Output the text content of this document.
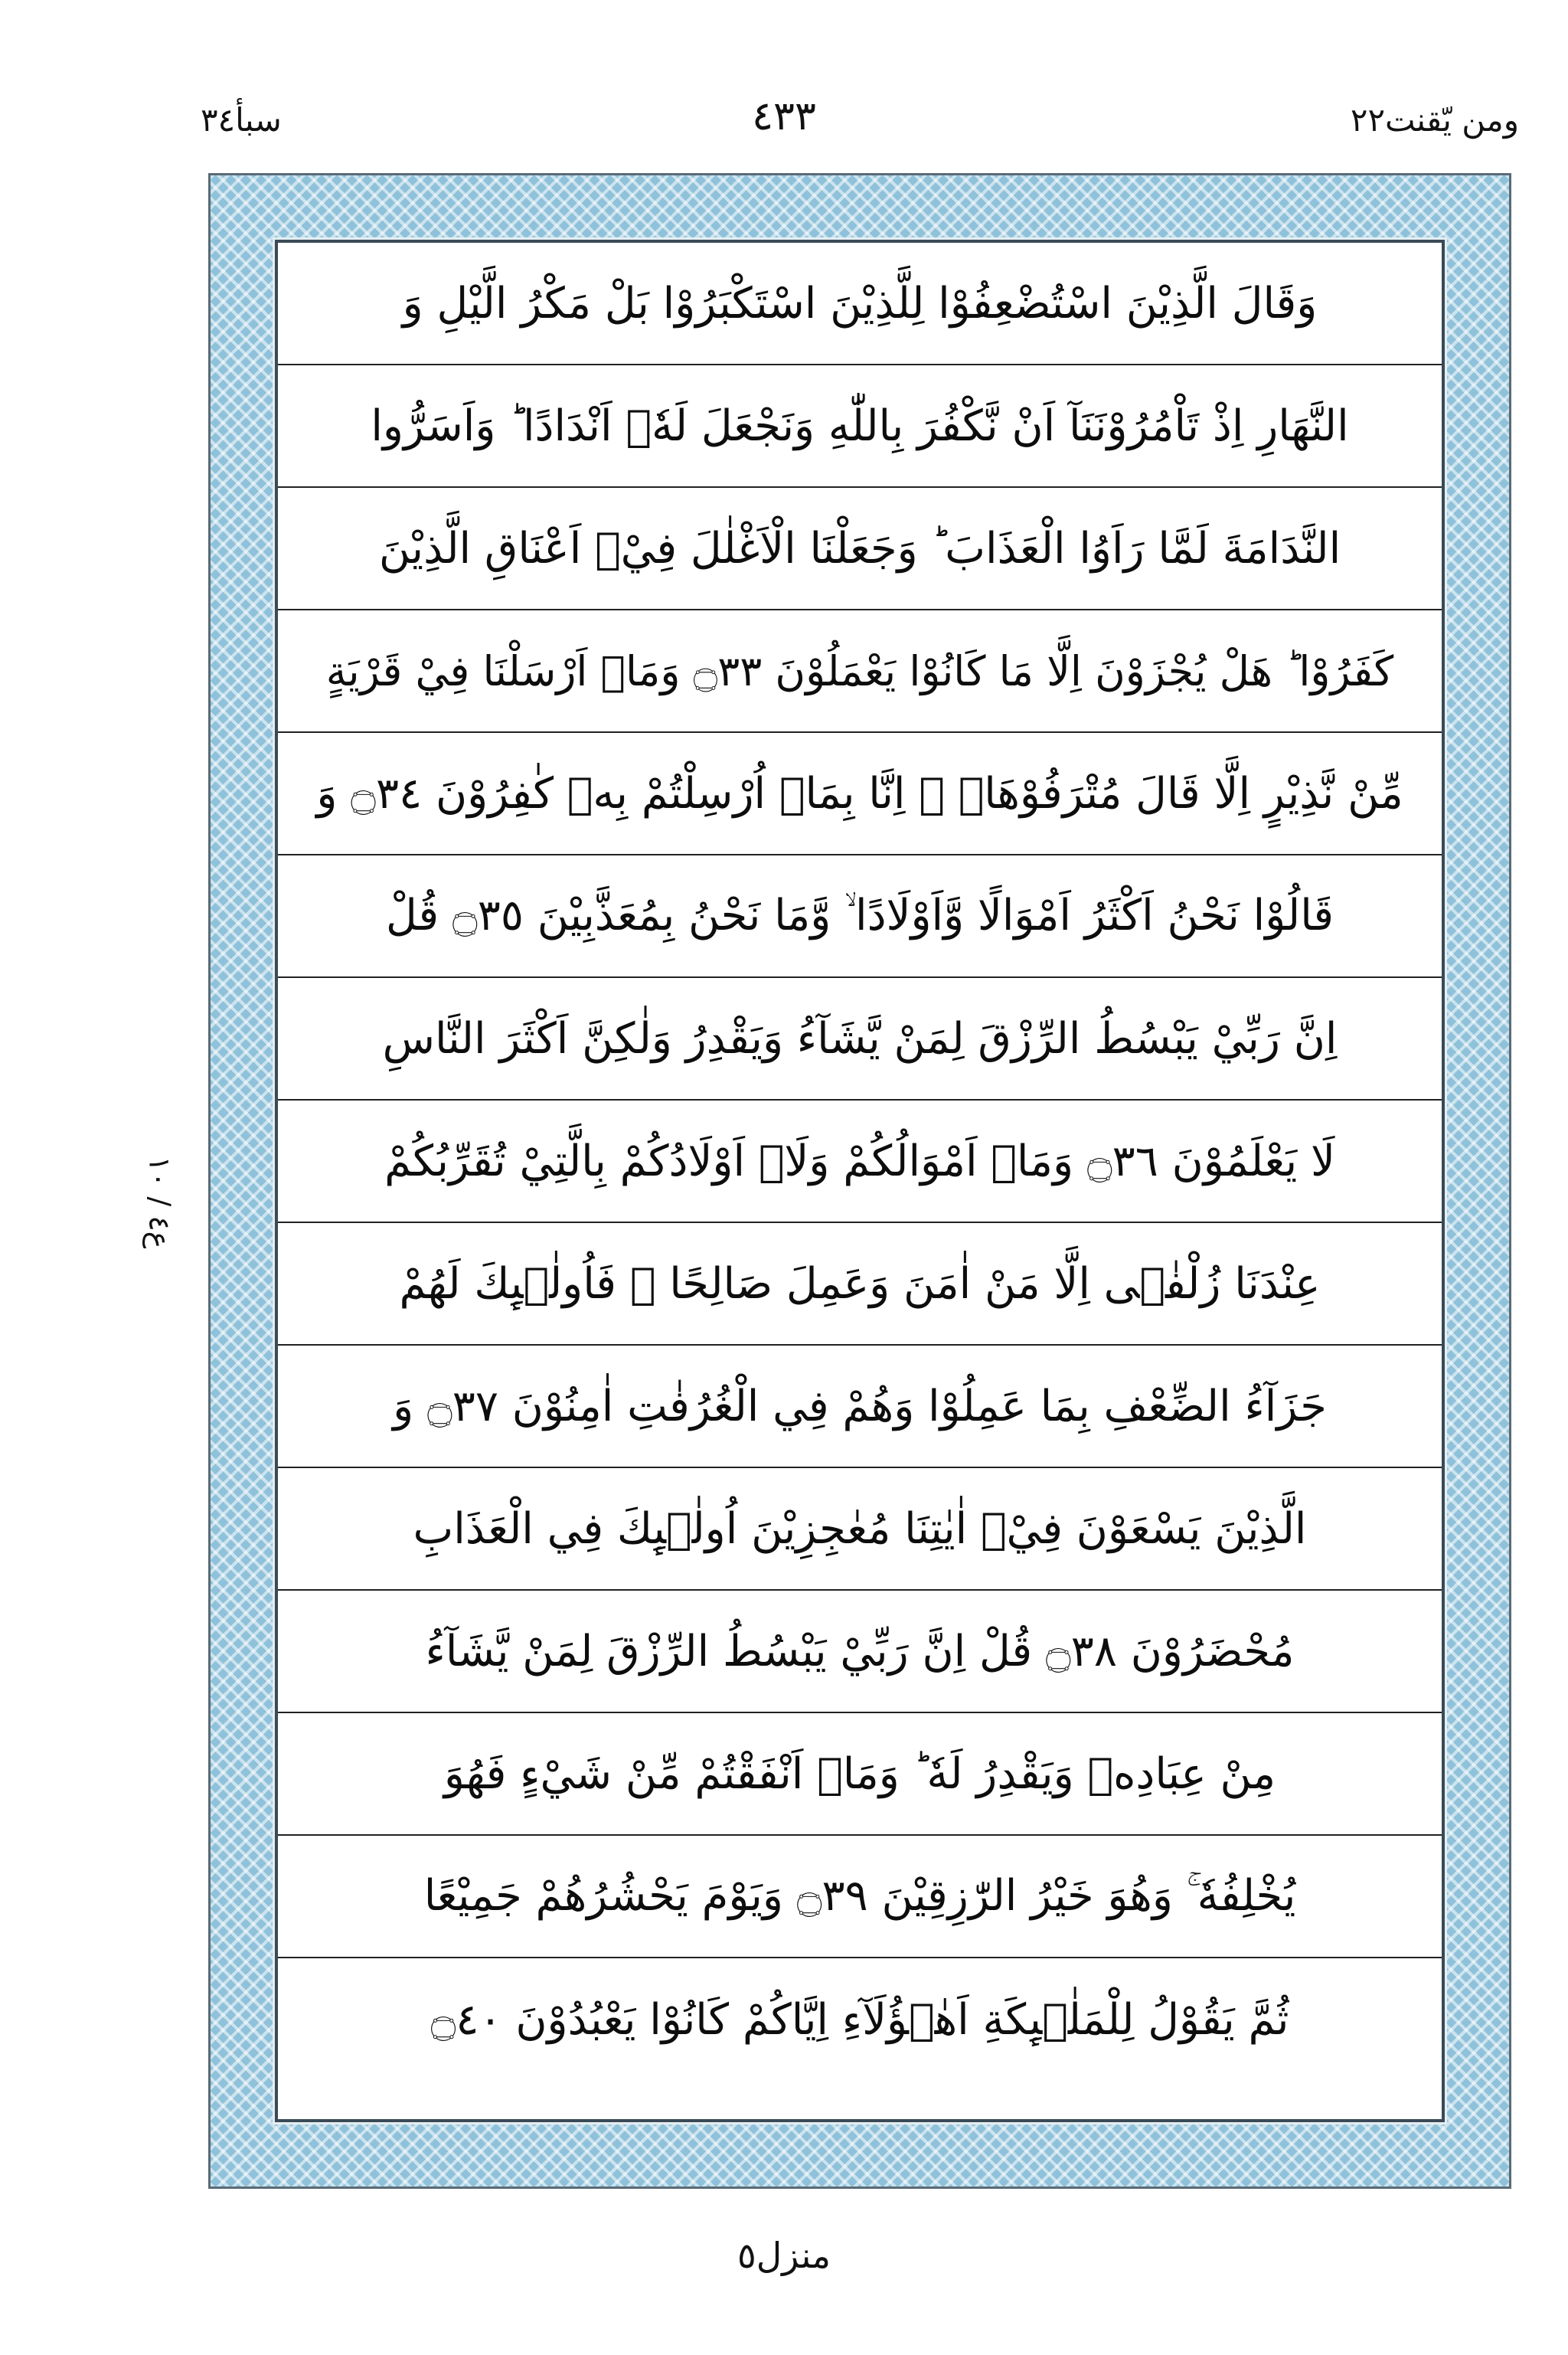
ومن يّقنت٢٢
٤٣٣
سبأ٣٤
ع٤ / ١٠
وَقَالَ الَّذِيْنَ اسْتُضْعِفُوْا لِلَّذِيْنَ اسْتَكْبَرُوْا بَلْ مَكْرُ الَّيْلِ وَ
النَّهَارِ اِذْ تَاْمُرُوْنَنَآ اَنْ نَّكْفُرَ بِاللّٰهِ وَنَجْعَلَ لَهٗۤ اَنْدَادًا ؕ وَاَسَرُّوا
النَّدَامَةَ لَمَّا رَاَوُا الْعَذَابَ ؕ وَجَعَلْنَا الْاَغْلٰلَ فِيْۤ اَعْنَاقِ الَّذِيْنَ
كَفَرُوْا ؕ هَلْ يُجْزَوْنَ اِلَّا مَا كَانُوْا يَعْمَلُوْنَ ۝٣٣ وَمَاۤ اَرْسَلْنَا فِيْ قَرْيَةٍ
مِّنْ نَّذِيْرٍ اِلَّا قَالَ مُتْرَفُوْهَاۤ ۙ اِنَّا بِمَاۤ اُرْسِلْتُمْ بِهٖ كٰفِرُوْنَ ۝٣٤ وَ
قَالُوْا نَحْنُ اَكْثَرُ اَمْوَالًا وَّاَوْلَادًا ۙ وَّمَا نَحْنُ بِمُعَذَّبِيْنَ ۝٣٥ قُلْ
اِنَّ رَبِّيْ يَبْسُطُ الرِّزْقَ لِمَنْ يَّشَآءُ وَيَقْدِرُ وَلٰكِنَّ اَكْثَرَ النَّاسِ
لَا يَعْلَمُوْنَ ۝٣٦ وَمَاۤ اَمْوَالُكُمْ وَلَاۤ اَوْلَادُكُمْ بِالَّتِيْ تُقَرِّبُكُمْ
عِنْدَنَا زُلْفٰۤى اِلَّا مَنْ اٰمَنَ وَعَمِلَ صَالِحًا ۙ فَاُولٰۤىِٕكَ لَهُمْ
جَزَآءُ الضِّعْفِ بِمَا عَمِلُوْا وَهُمْ فِي الْغُرُفٰتِ اٰمِنُوْنَ ۝٣٧ وَ
الَّذِيْنَ يَسْعَوْنَ فِيْۤ اٰيٰتِنَا مُعٰجِزِيْنَ اُولٰۤىِٕكَ فِي الْعَذَابِ
مُحْضَرُوْنَ ۝٣٨ قُلْ اِنَّ رَبِّيْ يَبْسُطُ الرِّزْقَ لِمَنْ يَّشَآءُ
مِنْ عِبَادِهٖ وَيَقْدِرُ لَهٗ ؕ وَمَاۤ اَنْفَقْتُمْ مِّنْ شَيْءٍ فَهُوَ
يُخْلِفُهٗ ۚ وَهُوَ خَيْرُ الرّٰزِقِيْنَ ۝٣٩ وَيَوْمَ يَحْشُرُهُمْ جَمِيْعًا
ثُمَّ يَقُوْلُ لِلْمَلٰۤىِٕكَةِ اَهٰۤؤُلَآءِ اِيَّاكُمْ كَانُوْا يَعْبُدُوْنَ ۝٤٠
منزل٥
